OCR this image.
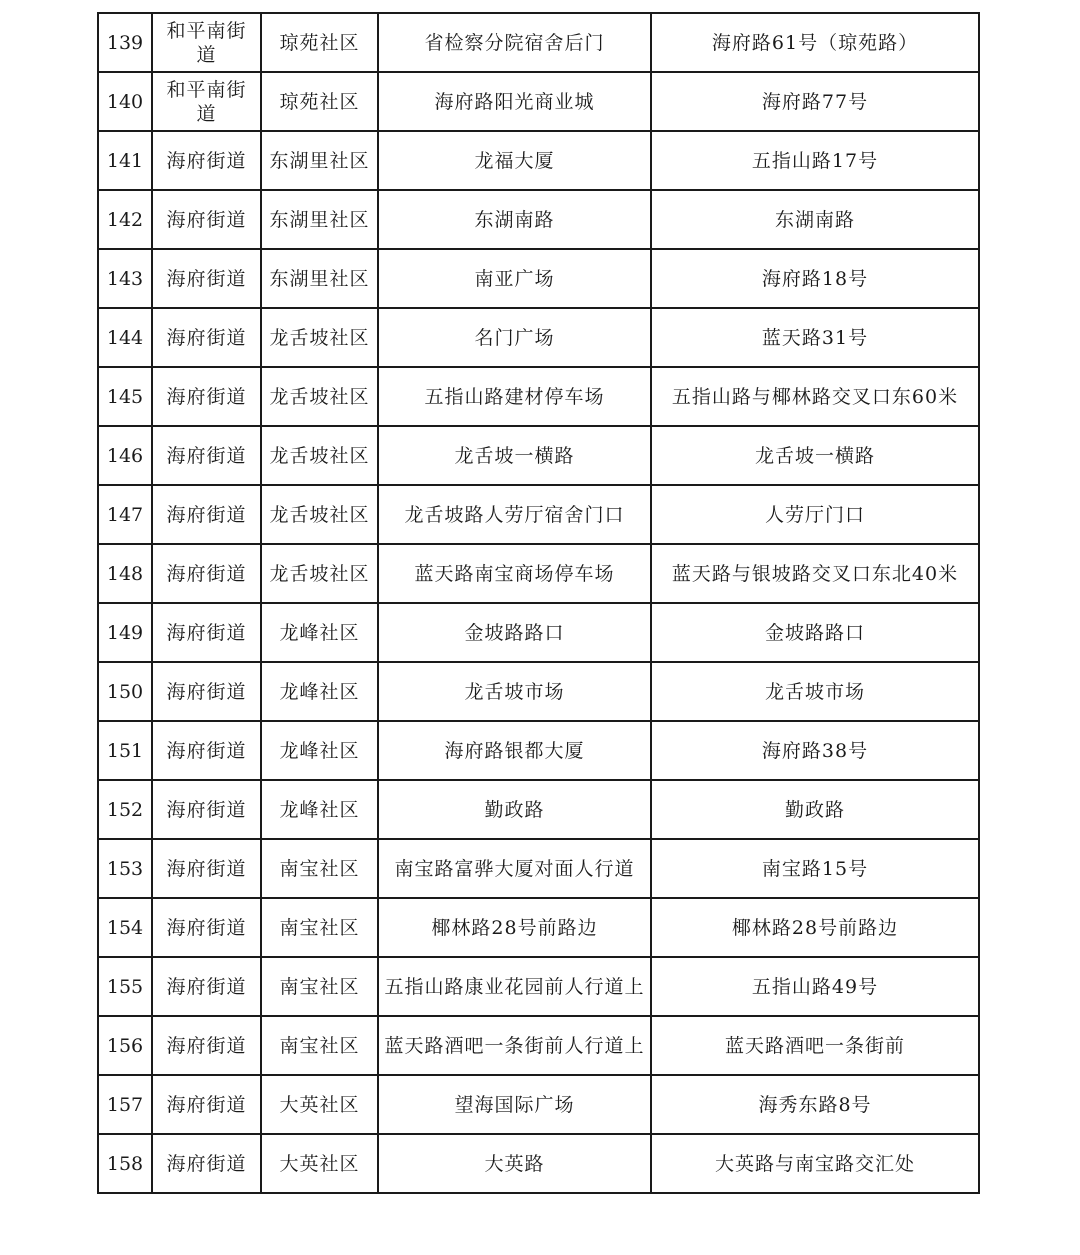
139	和平南街道	琼苑社区	省检察分院宿舍后门	海府路61号（琼苑路）
140	和平南街道	琼苑社区	海府路阳光商业城	海府路77号
141	海府街道	东湖里社区	龙福大厦	五指山路17号
142	海府街道	东湖里社区	东湖南路	东湖南路
143	海府街道	东湖里社区	南亚广场	海府路18号
144	海府街道	龙舌坡社区	名门广场	蓝天路31号
145	海府街道	龙舌坡社区	五指山路建材停车场	五指山路与椰林路交叉口东60米
146	海府街道	龙舌坡社区	龙舌坡一横路	龙舌坡一横路
147	海府街道	龙舌坡社区	龙舌坡路人劳厅宿舍门口	人劳厅门口
148	海府街道	龙舌坡社区	蓝天路南宝商场停车场	蓝天路与银坡路交叉口东北40米
149	海府街道	龙峰社区	金坡路路口	金坡路路口
150	海府街道	龙峰社区	龙舌坡市场	龙舌坡市场
151	海府街道	龙峰社区	海府路银都大厦	海府路38号
152	海府街道	龙峰社区	勤政路	勤政路
153	海府街道	南宝社区	南宝路富骅大厦对面人行道	南宝路15号
154	海府街道	南宝社区	椰林路28号前路边	椰林路28号前路边
155	海府街道	南宝社区	五指山路康业花园前人行道上	五指山路49号
156	海府街道	南宝社区	蓝天路酒吧一条街前人行道上	蓝天路酒吧一条街前
157	海府街道	大英社区	望海国际广场	海秀东路8号
158	海府街道	大英社区	大英路	大英路与南宝路交汇处
